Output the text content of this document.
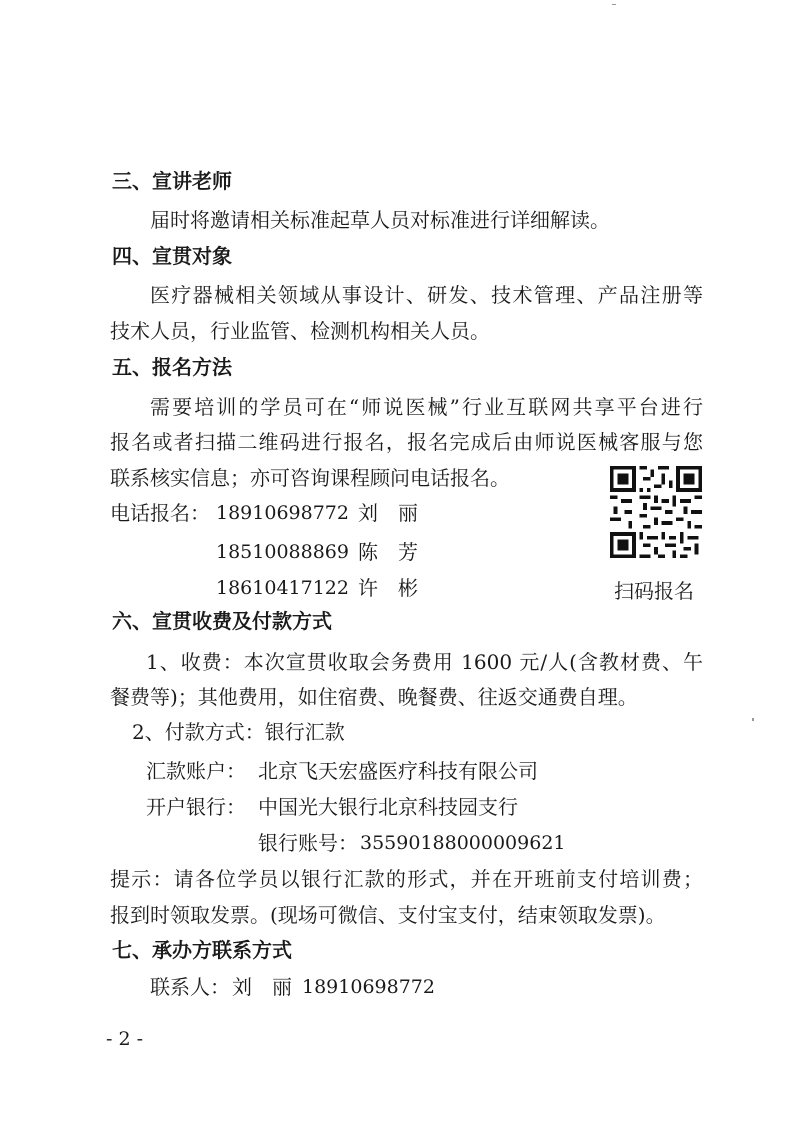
三、宣讲老师
届时将邀请相关标准起草人员对标准进行详细解读。
四、宣贯对象
医疗器械相关领域从事设计、研发、技术管理、产品注册等
技术人员，行业监管、检测机构相关人员。
五、报名方法
需要培训的学员可在“师说医械”行业互联网共享平台进行
报名或者扫描二维码进行报名，报名完成后由师说医械客服与您
联系核实信息；亦可咨询课程顾问电话报名。
电话报名： 18910698772 刘　丽
18510088869 陈　芳
18610417122 许　彬	扫码报名
六、宣贯收费及付款方式
1、收费：本次宣贯收取会务费用 1600 元/人(含教材费、午
餐费等)；其他费用，如住宿费、晚餐费、往返交通费自理。
2、付款方式：银行汇款
汇款账户： 北京飞天宏盛医疗科技有限公司
开户银行： 中国光大银行北京科技园支行
银行账号： 35590188000009621
提示：请各位学员以银行汇款的形式，并在开班前支付培训费；
报到时领取发票。(现场可微信、支付宝支付，结束领取发票)。
七、承办方联系方式
联系人： 刘　丽 18910698772
- 2 -
